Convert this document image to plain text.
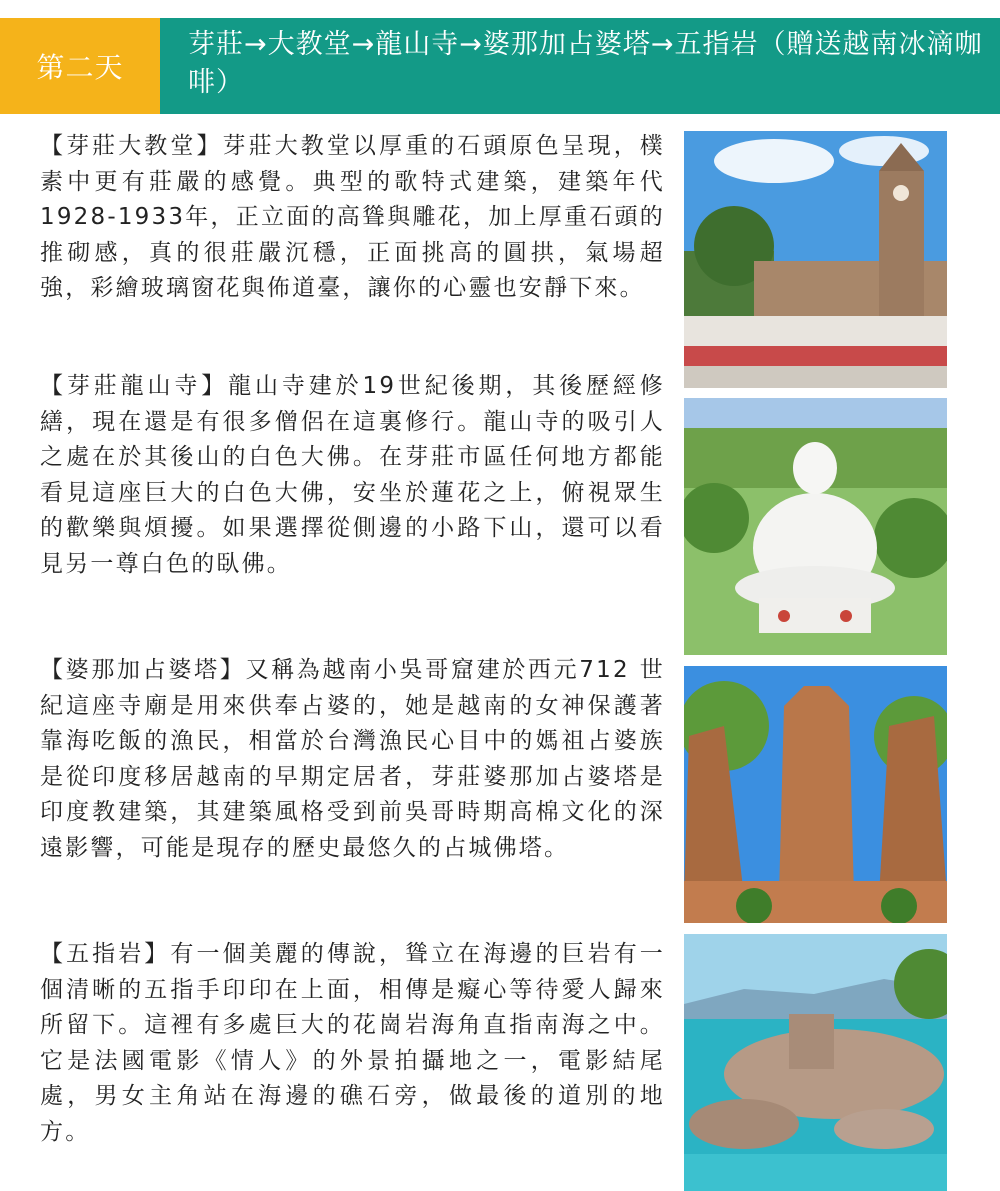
第二天
芽莊→大教堂→龍山寺→婆那加占婆塔→五指岩（贈送越南冰滴咖啡）

【芽莊大教堂】芽莊大教堂以厚重的石頭原色呈現，樸素中更有莊嚴的感覺。典型的歌特式建築，建築年代1928-1933年，正立面的高聳與雕花，加上厚重石頭的推砌感，真的很莊嚴沉穩，正面挑高的圓拱，氣場超強，彩繪玻璃窗花與佈道臺，讓你的心靈也安靜下來。

【芽莊龍山寺】龍山寺建於19世紀後期，其後歷經修繕，現在還是有很多僧侶在這裏修行。龍山寺的吸引人之處在於其後山的白色大佛。在芽莊市區任何地方都能看見這座巨大的白色大佛，安坐於蓮花之上，俯視眾生的歡樂與煩擾。如果選擇從側邊的小路下山，還可以看見另一尊白色的臥佛。

【婆那加占婆塔】又稱為越南小吳哥窟建於西元712 世紀這座寺廟是用來供奉占婆的，她是越南的女神保護著靠海吃飯的漁民，相當於台灣漁民心目中的媽祖占婆族是從印度移居越南的早期定居者，芽莊婆那加占婆塔是印度教建築，其建築風格受到前吳哥時期高棉文化的深遠影響，可能是現存的歷史最悠久的占城佛塔。

【五指岩】有一個美麗的傳說，聳立在海邊的巨岩有一個清晰的五指手印印在上面，相傳是癡心等待愛人歸來所留下。這裡有多處巨大的花崗岩海角直指南海之中。它是法國電影《情人》的外景拍攝地之一，電影結尾處，男女主角站在海邊的礁石旁，做最後的道別的地方。
